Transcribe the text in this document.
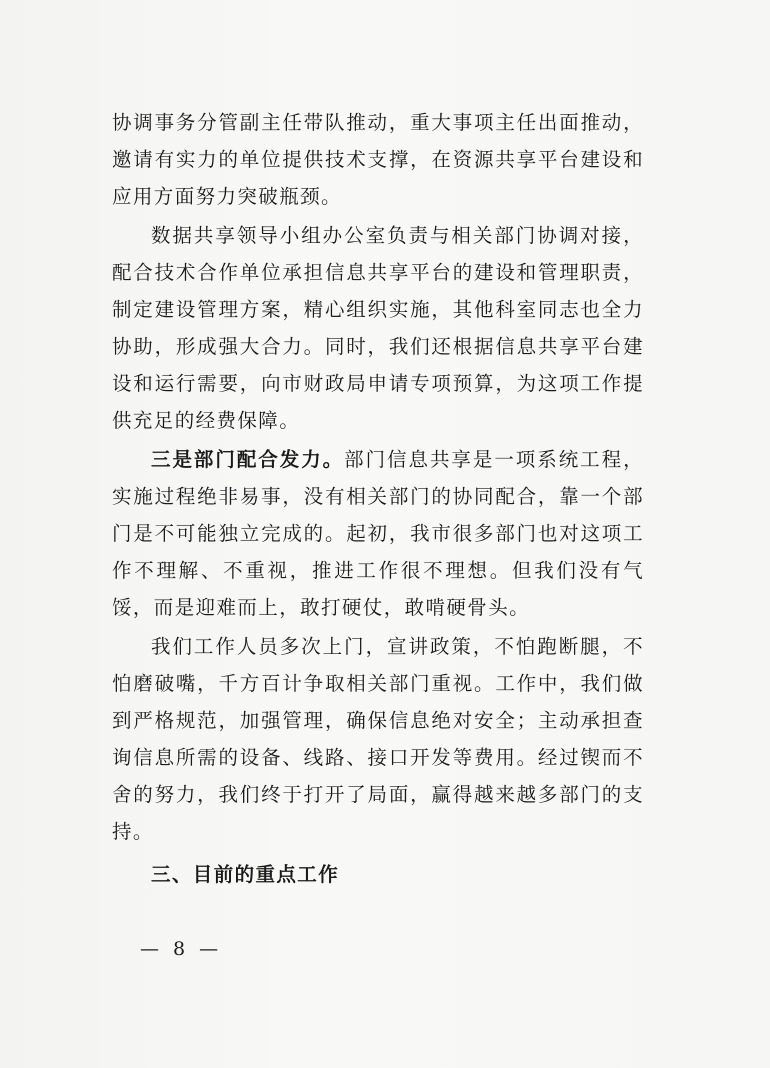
协调事务分管副主任带队推动，重大事项主任出面推动，邀请有实力的单位提供技术支撑，在资源共享平台建设和应用方面努力突破瓶颈。

数据共享领导小组办公室负责与相关部门协调对接，配合技术合作单位承担信息共享平台的建设和管理职责，制定建设管理方案，精心组织实施，其他科室同志也全力协助，形成强大合力。同时，我们还根据信息共享平台建设和运行需要，向市财政局申请专项预算，为这项工作提供充足的经费保障。

三是部门配合发力。部门信息共享是一项系统工程，实施过程绝非易事，没有相关部门的协同配合，靠一个部门是不可能独立完成的。起初，我市很多部门也对这项工作不理解、不重视，推进工作很不理想。但我们没有气馁，而是迎难而上，敢打硬仗，敢啃硬骨头。

我们工作人员多次上门，宣讲政策，不怕跑断腿，不怕磨破嘴，千方百计争取相关部门重视。工作中，我们做到严格规范，加强管理，确保信息绝对安全；主动承担查询信息所需的设备、线路、接口开发等费用。经过锲而不舍的努力，我们终于打开了局面，赢得越来越多部门的支持。

三、目前的重点工作

— 8 —
